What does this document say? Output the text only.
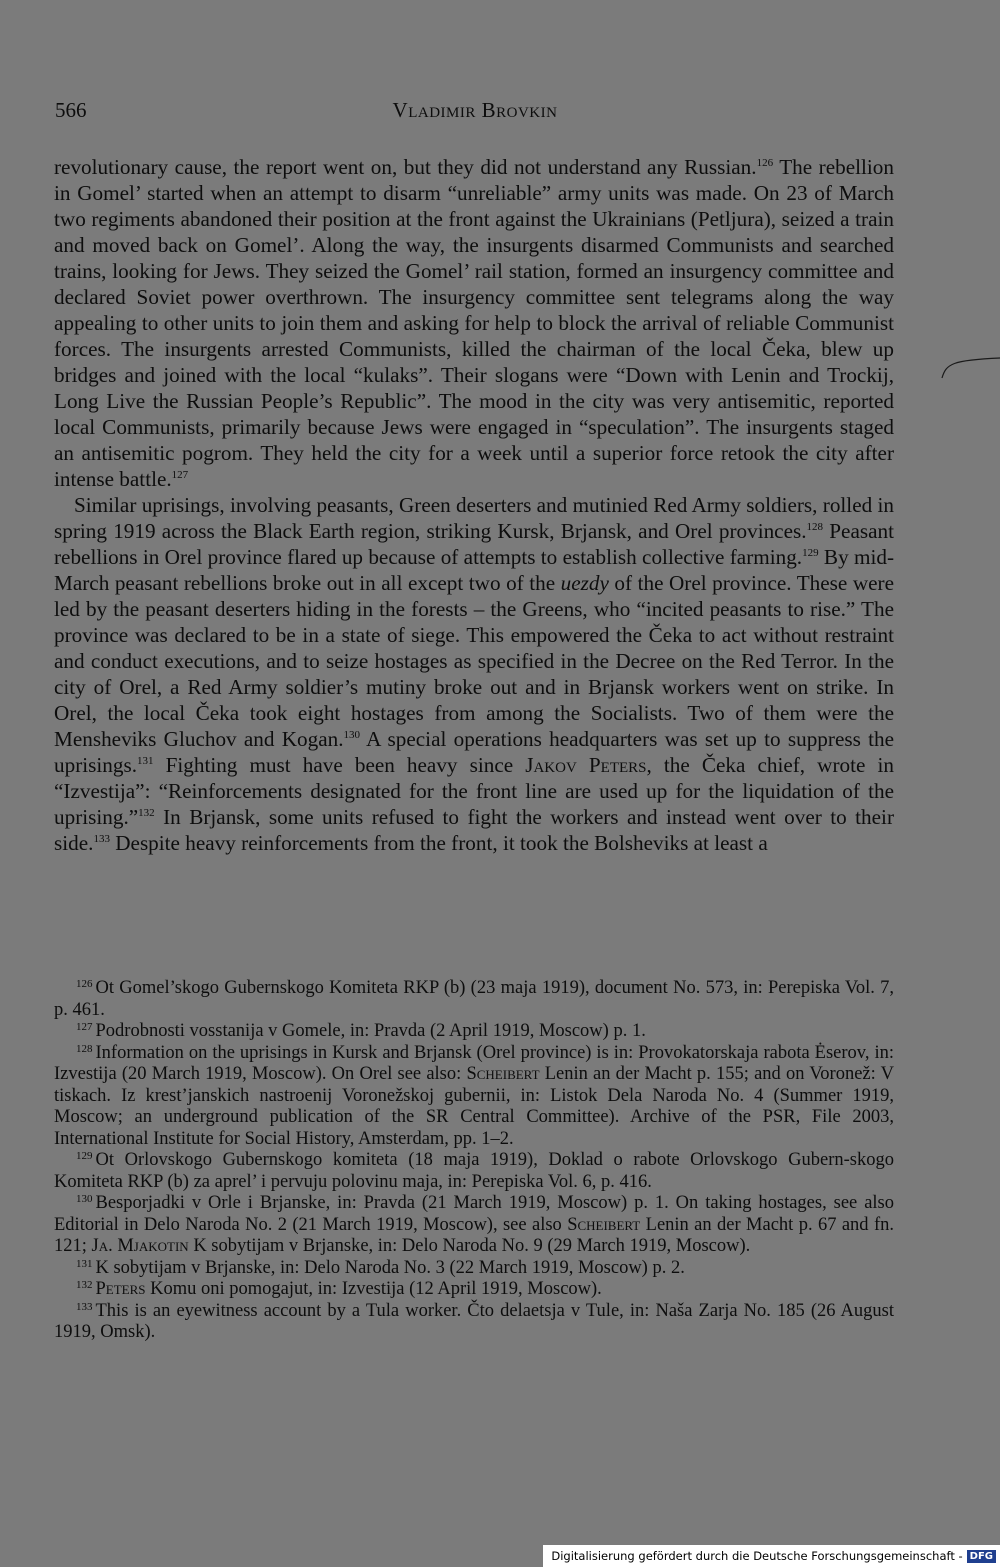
566	Vladimir Brovkin

revolutionary cause, the report went on, but they did not understand any Russian.$^{126}$ The rebellion in Gomel’ started when an attempt to disarm “unreliable” army units was made. On 23 of March two regiments abandoned their position at the front against the Ukrainians (Petljura), seized a train and moved back on Gomel’. Along the way, the insurgents disarmed Communists and searched trains, looking for Jews. They seized the Gomel’ rail station, formed an insurgency committee and declared Soviet power overthrown. The insurgency committee sent telegrams along the way appealing to other units to join them and asking for help to block the arrival of reliable Communist forces. The insurgents arrested Communists, killed the chairman of the local Čeka, blew up bridges and joined with the local “kulaks”. Their slogans were “Down with Lenin and Trockij, Long Live the Russian People’s Republic”. The mood in the city was very antisemitic, reported local Communists, primarily because Jews were engaged in “speculation”. The insurgents staged an antisemitic pogrom. They held the city for a week until a superior force retook the city after intense battle.$^{127}$

Similar uprisings, involving peasants, Green deserters and mutinied Red Army soldiers, rolled in spring 1919 across the Black Earth region, striking Kursk, Brjansk, and Orel provinces.$^{128}$ Peasant rebellions in Orel province flared up because of attempts to establish collective farming.$^{129}$ By mid-March peasant rebellions broke out in all except two of the uezdy of the Orel province. These were led by the peasant deserters hiding in the forests – the Greens, who “incited peasants to rise.” The province was declared to be in a state of siege. This empowered the Čeka to act without restraint and conduct executions, and to seize hostages as specified in the Decree on the Red Terror. In the city of Orel, a Red Army soldier’s mutiny broke out and in Brjansk workers went on strike. In Orel, the local Čeka took eight hostages from among the Socialists. Two of them were the Mensheviks Gluchov and Kogan.$^{130}$ A special operations headquarters was set up to suppress the uprisings.$^{131}$ Fighting must have been heavy since Jakov Peters, the Čeka chief, wrote in “Izvestija”: “Reinforcements designated for the front line are used up for the liquidation of the uprising.”$^{132}$ In Brjansk, some units refused to fight the workers and instead went over to their side.$^{133}$ Despite heavy reinforcements from the front, it took the Bolsheviks at least a

$^{126}$ Ot Gomel’skogo Gubernskogo Komiteta RKP (b) (23 maja 1919), document No. 573, in: Perepiska Vol. 7, p. 461.

$^{127}$ Podrobnosti vosstanija v Gomele, in: Pravda (2 April 1919, Moscow) p. 1.

$^{128}$ Information on the uprisings in Kursk and Brjansk (Orel province) is in: Provokatorskaja rabota Ėserov, in: Izvestija (20 March 1919, Moscow). On Orel see also: Scheibert Lenin an der Macht p. 155; and on Voronež: V tiskach. Iz krest’janskich nastroenij Voronežskoj gubernii, in: Listok Dela Naroda No. 4 (Summer 1919, Moscow; an underground publication of the SR Central Committee). Archive of the PSR, File 2003, International Institute for Social History, Amsterdam, pp. 1–2.

$^{129}$ Ot Orlovskogo Gubernskogo komiteta (18 maja 1919), Doklad o rabote Orlovskogo Gubern-skogo Komiteta RKP (b) za aprel’ i pervuju polovinu maja, in: Perepiska Vol. 6, p. 416.

$^{130}$ Besporjadki v Orle i Brjanske, in: Pravda (21 March 1919, Moscow) p. 1. On taking hostages, see also Editorial in Delo Naroda No. 2 (21 March 1919, Moscow), see also Scheibert Lenin an der Macht p. 67 and fn. 121; Ja. Mjakotin K sobytijam v Brjanske, in: Delo Naroda No. 9 (29 March 1919, Moscow).

$^{131}$ K sobytijam v Brjanske, in: Delo Naroda No. 3 (22 March 1919, Moscow) p. 2.

$^{132}$ Peters Komu oni pomogajut, in: Izvestija (12 April 1919, Moscow).

$^{133}$ This is an eyewitness account by a Tula worker. Čto delaetsja v Tule, in: Naša Zarja No. 185 (26 August 1919, Omsk).

Digitalisierung gefördert durch die Deutsche Forschungsgemeinschaft - DFG
